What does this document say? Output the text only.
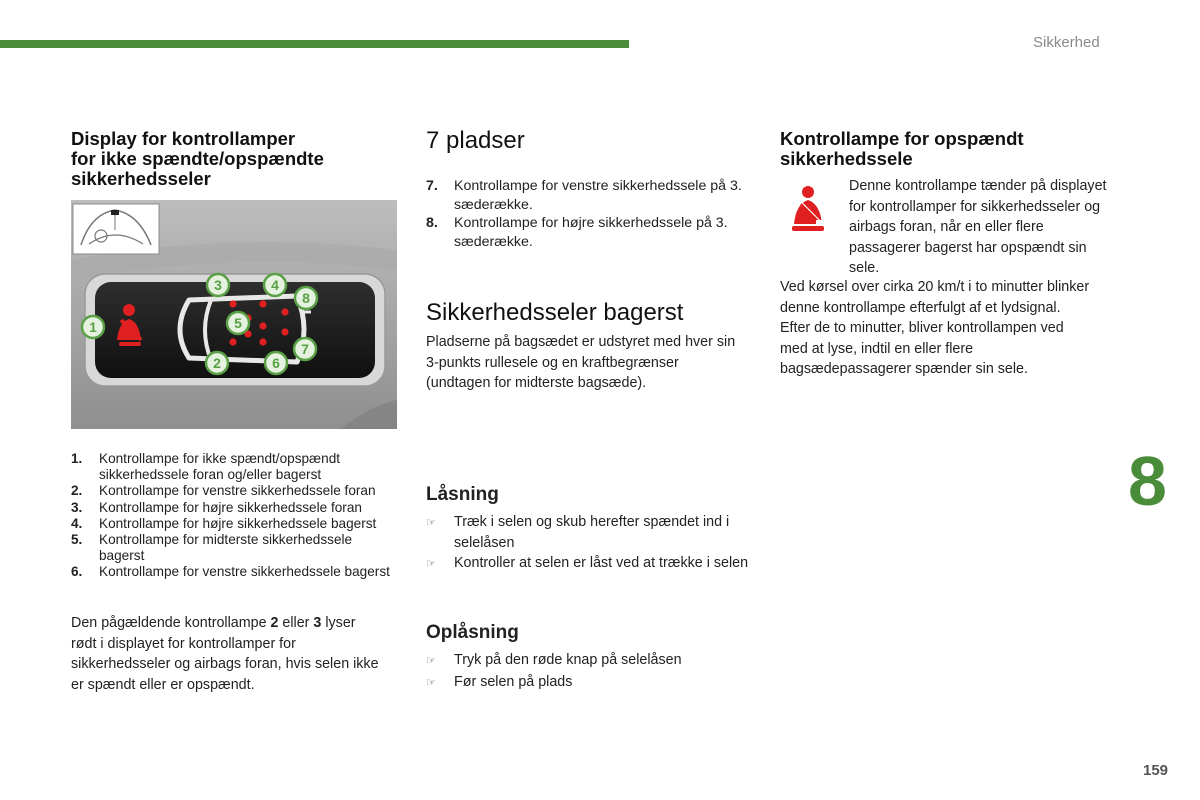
Sikkerhed
Display for kontrollamper
for ikke spændte/opspændte
sikkerhedsseler
1
2
3	4
5
6
7
8
1.	Kontrollampe for ikke spændt/opspændt sikkerhedssele foran og/eller bagerst
2.	Kontrollampe for venstre sikkerhedssele foran
3.	Kontrollampe for højre sikkerhedssele foran
4.	Kontrollampe for højre sikkerhedssele bagerst
5.	Kontrollampe for midterste sikkerhedssele bagerst
6.	Kontrollampe for venstre sikkerhedssele bagerst

Den pågældende kontrollampe 2 eller 3 lyser rødt i displayet for kontrollamper for sikkerhedsseler og airbags foran, hvis selen ikke er spændt eller er opspændt.

7 pladser
7.	Kontrollampe for venstre sikkerhedssele på 3. sæderække.
8.	Kontrollampe for højre sikkerhedssele på 3. sæderække.
Sikkerhedsseler bagerst

Pladserne på bagsædet er udstyret med hver sin 3-punkts rullesele og en kraftbegrænser (undtagen for midterste bagsæde).

Låsning
☞	Træk i selen og skub herefter spændet ind i selelåsen
☞	Kontroller at selen er låst ved at trække i selen
Oplåsning
☞	Tryk på den røde knap på selelåsen
☞	Før selen på plads
Kontrollampe for opspændt
sikkerhedssele

Denne kontrollampe tænder på displayet for kontrollamper for sikkerhedsseler og airbags foran, når en eller flere passagerer bagerst har opspændt sin sele.

Ved kørsel over cirka 20 km/t i to minutter blinker denne kontrollampe efterfulgt af et lydsignal. Efter de to minutter, bliver kontrollampen ved med at lyse, indtil en eller flere bagsædepassagerer spænder sin sele.

8
159
